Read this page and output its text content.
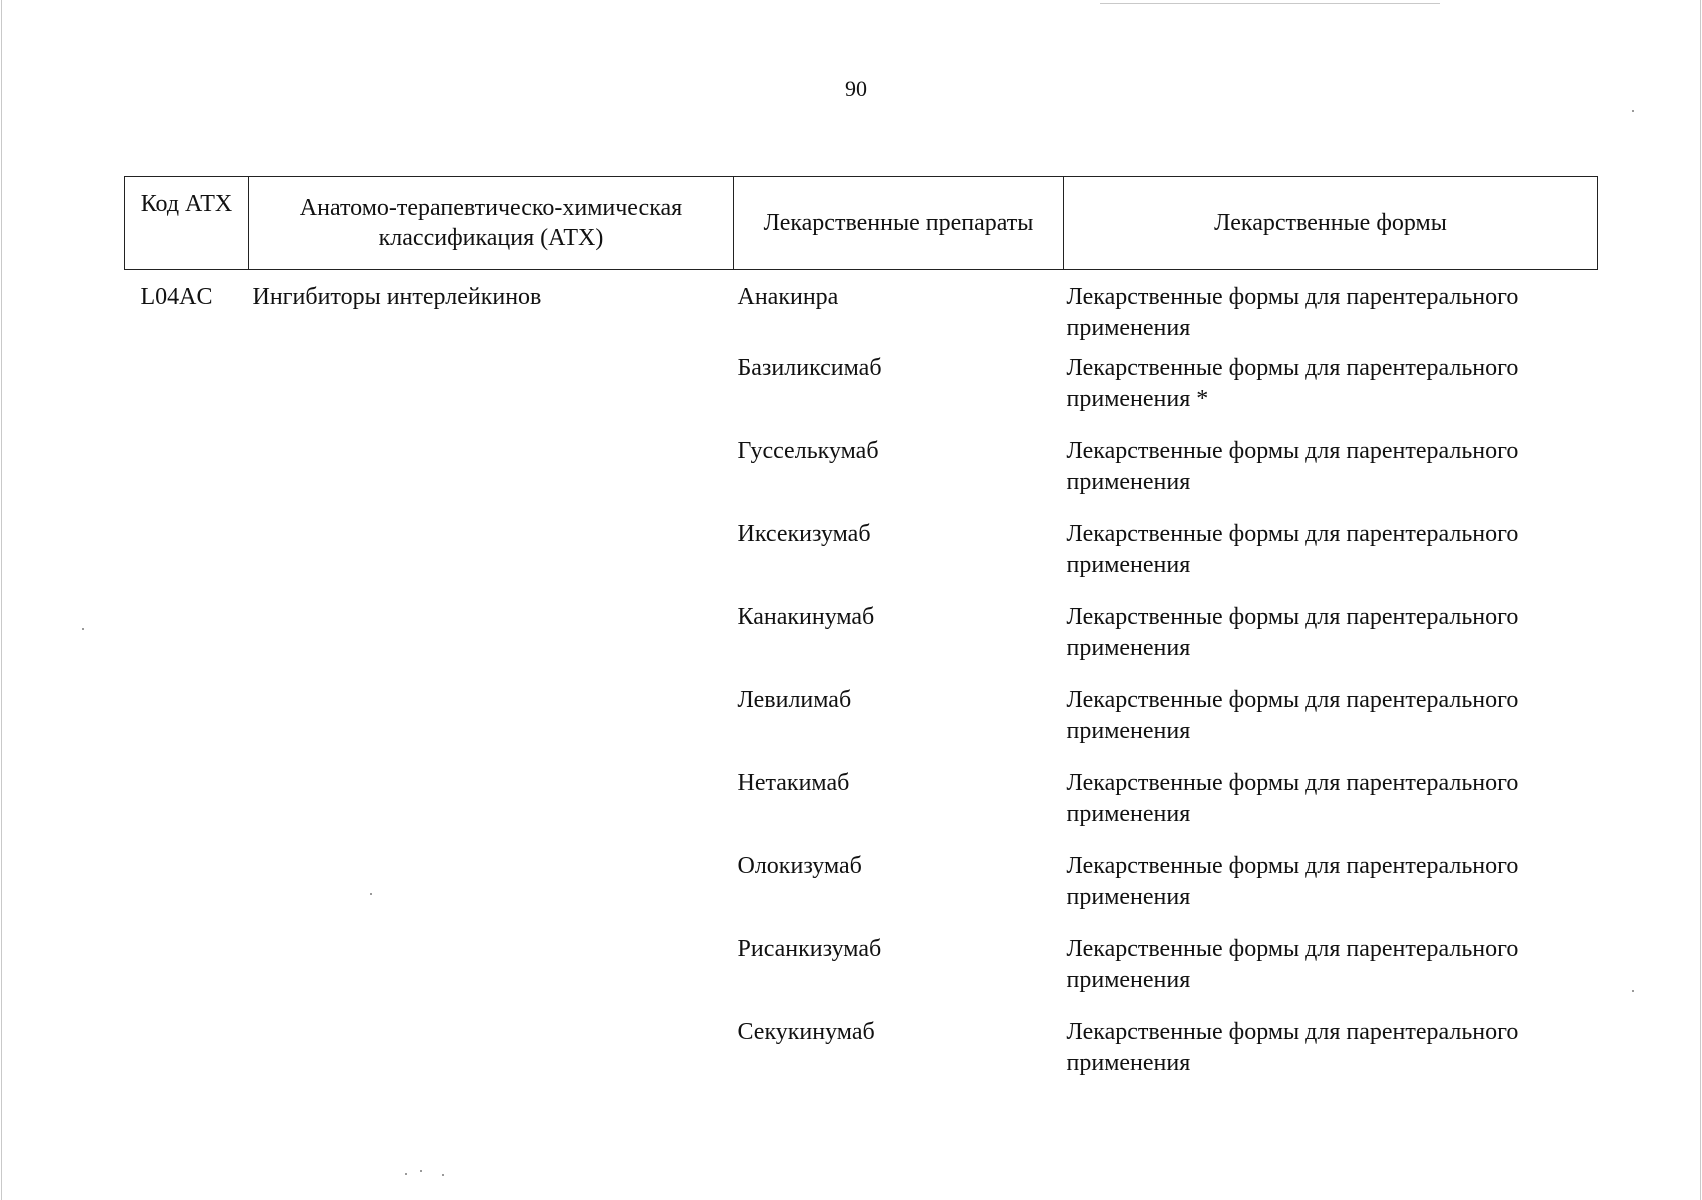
90
Код АТХ	Анатомо-терапевтическо-химическая классификация (АТХ)	Лекарственные препараты	Лекарственные формы
L04AC	Ингибиторы интерлейкинов	Анакинра	Лекарственные формы для парентерального применения
		Базиликсимаб	Лекарственные формы для парентерального применения *
		Гусселькумаб	Лекарственные формы для парентерального применения
		Иксекизумаб	Лекарственные формы для парентерального применения
		Канакинумаб	Лекарственные формы для парентерального применения
		Левилимаб	Лекарственные формы для парентерального применения
		Нетакимаб	Лекарственные формы для парентерального применения
		Олокизумаб	Лекарственные формы для парентерального применения
		Рисанкизумаб	Лекарственные формы для парентерального применения
		Секукинумаб	Лекарственные формы для парентерального применения
